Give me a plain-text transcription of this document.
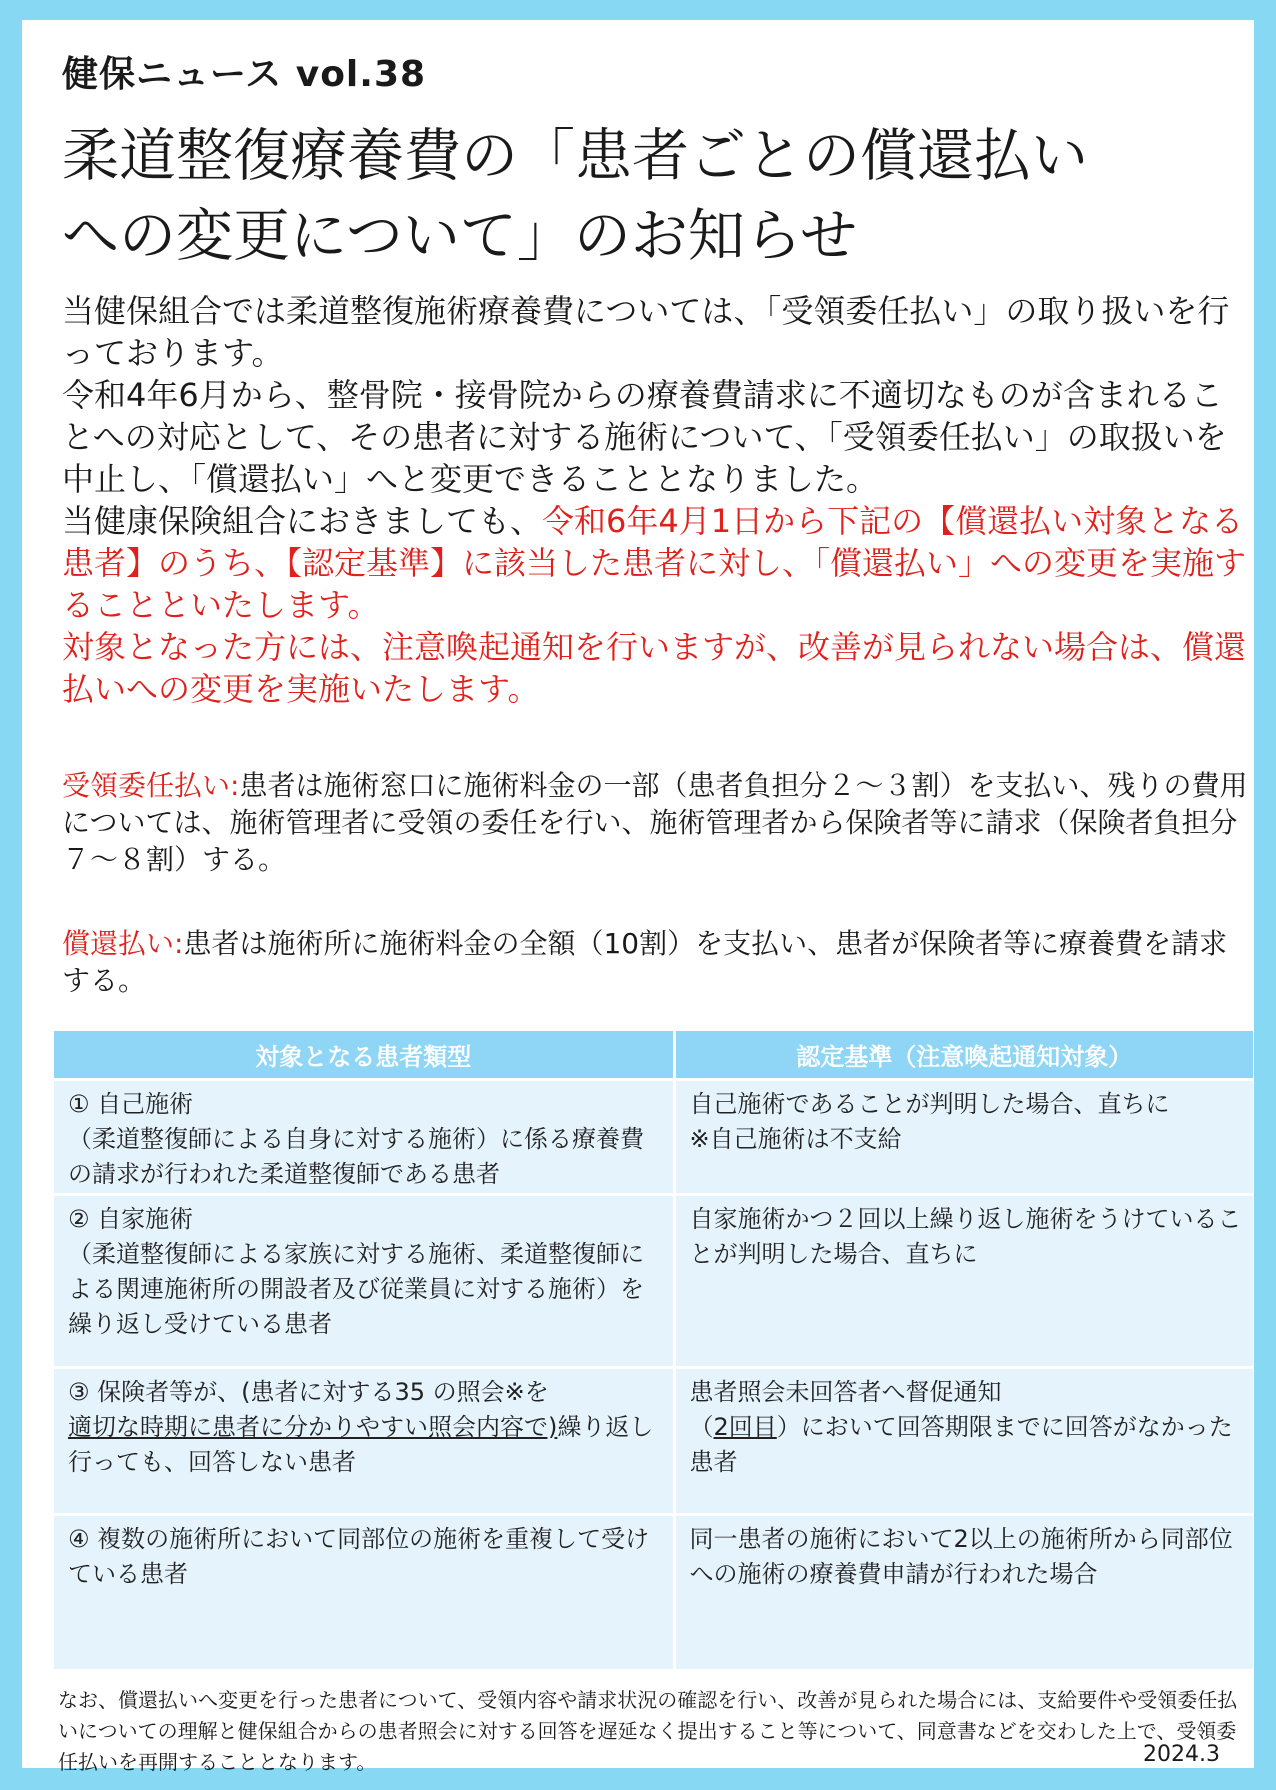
健保ニュース vol.38
柔道整復療養費の「患者ごとの償還払い
への変更について」のお知らせ
当健保組合では柔道整復施術療養費については、「受領委任払い」の取り扱いを行っております。
令和4年6月から、整骨院・接骨院からの療養費請求に不適切なものが含まれることへの対応として、その患者に対する施術について、「受領委任払い」の取扱いを中止し、「償還払い」へと変更できることとなりました。
当健康保険組合におきましても、令和6年4月1日から下記の【償還払い対象となる患者】のうち、【認定基準】に該当した患者に対し、「償還払い」への変更を実施することといたします。
対象となった方には、注意喚起通知を行いますが、改善が見られない場合は、償還払いへの変更を実施いたします。
受領委任払い:患者は施術窓口に施術料金の一部（患者負担分２～３割）を支払い、残りの費用については、施術管理者に受領の委任を行い、施術管理者から保険者等に請求（保険者負担分７～８割）する。
償還払い:患者は施術所に施術料金の全額（10割）を支払い、患者が保険者等に療養費を請求する。
対象となる患者類型	認定基準（注意喚起通知対象）

① 自己施術
（柔道整復師による自身に対する施術）に係る療養費の請求が行われた柔道整復師である患者	自己施術であることが判明した場合、直ちに
※自己施術は不支給

② 自家施術
（柔道整復師による家族に対する施術、柔道整復師による関連施術所の開設者及び従業員に対する施術）を繰り返し受けている患者	自家施術かつ２回以上繰り返し施術をうけていることが判明した場合、直ちに

③ 保険者等が、(患者に対する35 の照会※を
適切な時期に患者に分かりやすい照会内容で)繰り返し行っても、回答しない患者	患者照会未回答者へ督促通知
（2回目）において回答期限までに回答がなかった患者

④ 複数の施術所において同部位の施術を重複して受けている患者	同一患者の施術において2以上の施術所から同部位への施術の療養費申請が行われた場合
なお、償還払いへ変更を行った患者について、受領内容や請求状況の確認を行い、改善が見られた場合には、支給要件や受領委任払いについての理解と健保組合からの患者照会に対する回答を遅延なく提出すること等について、同意書などを交わした上で、受領委任払いを再開することとなります。	2024.3
